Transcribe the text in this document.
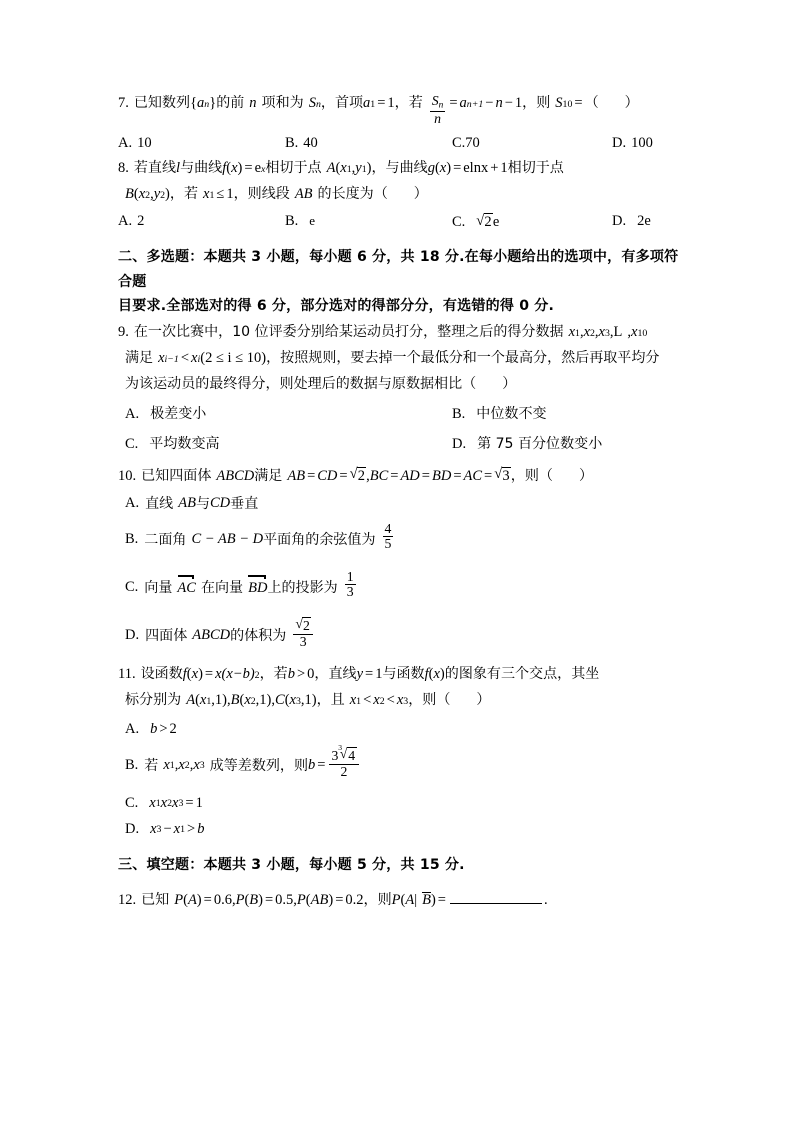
7. 已知数列 { a n } 的前 n 项和为 S n ， 首项 a 1 = 1 ， 若 $\frac{S_n}{n} = a$ n+1 − n − 1 ， 则 S 10 = （ ）
A. 10	B. 40	C.70	D. 100
8. 若直线 l 与曲线 f ( x ) = e x 相切于点 A ( x 1 , y 1 ) ， 与曲线 g ( x ) = elnx + 1 相切于点
B ( x 2 , y 2 ) ， 若 x 1 ≤ 1 ， 则线段 AB 的长度为 （ ）
A. 2	B. e	C. √ 2e	D. 2e
二、多选题：本题共 3 小题，每小题 6 分，共 18 分.在每小题给出的选项中，有多项符合题
目要求.全部选对的得 6 分，部分选对的得部分分，有选错的得 0 分.
9. 在一次比赛中，10 位评委分别给某运动员打分，整理之后的得分数据 x 1 , x 2 , x 3 , L , x 10
满足 x i−1 < x i ( 2 ≤ i ≤ 10 ) ，按照规则，要去掉一个最低分和一个最高分，然后再取平均分
为该运动员的最终得分，则处理后的数据与原数据相比（ ）
A. 极差变小	B. 中位数不变
C. 平均数变高	D. 第 75 百分位数变小
10. 已知四面体 ABCD 满足 AB = CD = √ 2 , BC = AD = BD = AC = √ 3 ， 则 （ ）
A. 直线 AB 与 CD 垂直
B. 二面角 C − AB − D 平面角的余弦值为 $\frac{4}{5}$
C. 向量 AC 在向量 BD 上的投影为 $\frac{1}{3}$
D. 四面体 ABCD 的体积为 √ $\frac{2}{3}$
11. 设函数 f ( x ) = x(x−b) 2 ， 若 b > 0 ， 直线 y = 1 与函数 f ( x ) 的图象有三个交点，其坐
标分别为 A ( x 1 , 1 ) , B ( x 2 , 1 ) , C ( x 3 , 1 ) ， 且 x 1 < x 2 < x 3 ， 则 （ ）
A. b > 2
B. 若 x 1 , x 2 , x 3 成等差数列，则 b = 3
√ 3
4
2
C. x 1 x 2 x 3 = 1
D. x 3 − x 1 > b
三、填空题：本题共 3 小题，每小题 5 分，共 15 分.
12. 已知 P ( A ) = 0.6 , P ( B ) = 0.5 , P ( AB ) = 0.2 ， 则 P ( A | B ) =	.
